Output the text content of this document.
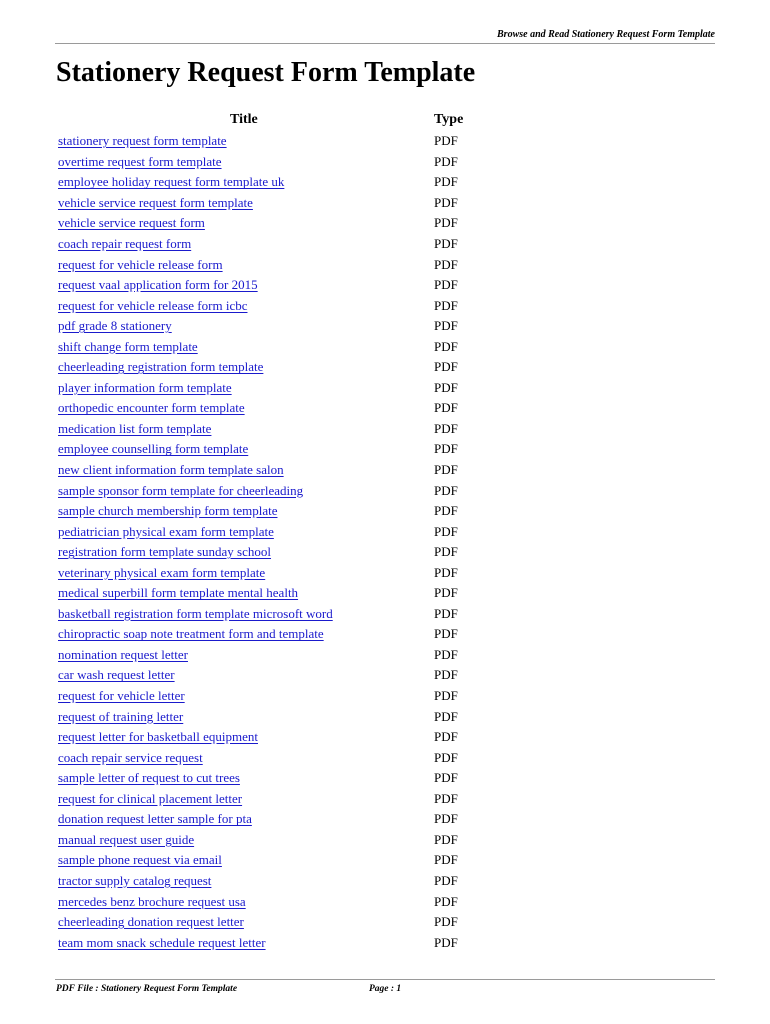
Browse and Read Stationery Request Form Template
Stationery Request Form Template
Title	Type
stationery request form template	PDF
overtime request form template	PDF
employee holiday request form template uk	PDF
vehicle service request form template	PDF
vehicle service request form	PDF
coach repair request form	PDF
request for vehicle release form	PDF
request vaal application form for 2015	PDF
request for vehicle release form icbc	PDF
pdf grade 8 stationery	PDF
shift change form template	PDF
cheerleading registration form template	PDF
player information form template	PDF
orthopedic encounter form template	PDF
medication list form template	PDF
employee counselling form template	PDF
new client information form template salon	PDF
sample sponsor form template for cheerleading	PDF
sample church membership form template	PDF
pediatrician physical exam form template	PDF
registration form template sunday school	PDF
veterinary physical exam form template	PDF
medical superbill form template mental health	PDF
basketball registration form template microsoft word	PDF
chiropractic soap note treatment form and template	PDF
nomination request letter	PDF
car wash request letter	PDF
request for vehicle letter	PDF
request of training letter	PDF
request letter for basketball equipment	PDF
coach repair service request	PDF
sample letter of request to cut trees	PDF
request for clinical placement letter	PDF
donation request letter sample for pta	PDF
manual request user guide	PDF
sample phone request via email	PDF
tractor supply catalog request	PDF
mercedes benz brochure request usa	PDF
cheerleading donation request letter	PDF
team mom snack schedule request letter	PDF
PDF File : Stationery Request Form Template	Page : 1
